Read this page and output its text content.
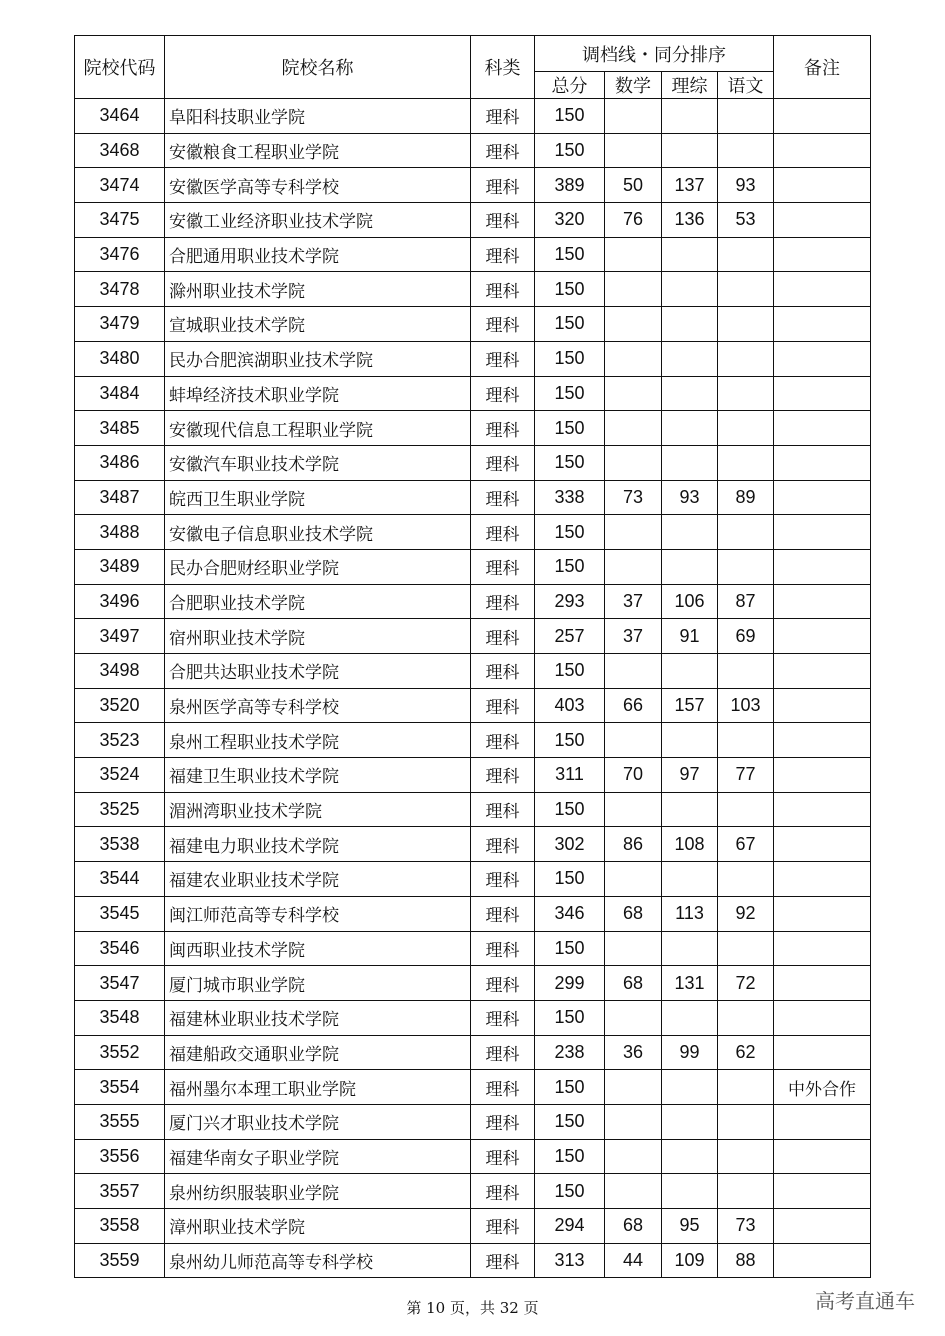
院校代码	院校名称	科类	调档线・同分排序				备注
			总分	数学	理综	语文	
3464	阜阳科技职业学院	理科	150				
3468	安徽粮食工程职业学院	理科	150				
3474	安徽医学高等专科学校	理科	389	50	137	93	
3475	安徽工业经济职业技术学院	理科	320	76	136	53	
3476	合肥通用职业技术学院	理科	150				
3478	滁州职业技术学院	理科	150				
3479	宣城职业技术学院	理科	150				
3480	民办合肥滨湖职业技术学院	理科	150				
3484	蚌埠经济技术职业学院	理科	150				
3485	安徽现代信息工程职业学院	理科	150				
3486	安徽汽车职业技术学院	理科	150				
3487	皖西卫生职业学院	理科	338	73	93	89	
3488	安徽电子信息职业技术学院	理科	150				
3489	民办合肥财经职业学院	理科	150				
3496	合肥职业技术学院	理科	293	37	106	87	
3497	宿州职业技术学院	理科	257	37	91	69	
3498	合肥共达职业技术学院	理科	150				
3520	泉州医学高等专科学校	理科	403	66	157	103	
3523	泉州工程职业技术学院	理科	150				
3524	福建卫生职业技术学院	理科	311	70	97	77	
3525	湄洲湾职业技术学院	理科	150				
3538	福建电力职业技术学院	理科	302	86	108	67	
3544	福建农业职业技术学院	理科	150				
3545	闽江师范高等专科学校	理科	346	68	113	92	
3546	闽西职业技术学院	理科	150				
3547	厦门城市职业学院	理科	299	68	131	72	
3548	福建林业职业技术学院	理科	150				
3552	福建船政交通职业学院	理科	238	36	99	62	
3554	福州墨尔本理工职业学院	理科	150				中外合作
3555	厦门兴才职业技术学院	理科	150				
3556	福建华南女子职业学院	理科	150				
3557	泉州纺织服装职业学院	理科	150				
3558	漳州职业技术学院	理科	294	68	95	73	
3559	泉州幼儿师范高等专科学校	理科	313	44	109	88	
第 10 页，共 32 页	高考直通车
